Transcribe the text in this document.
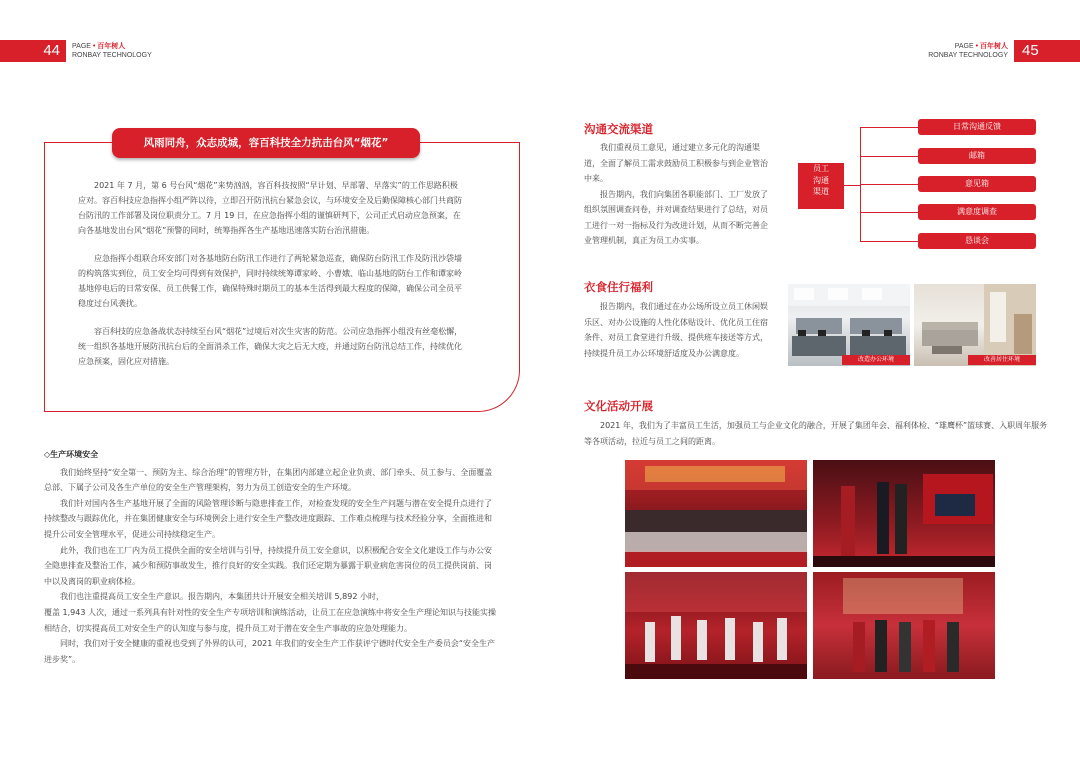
44	PAGE • 百年树人
RONBAY TECHNOLOGY
PAGE • 百年树人
RONBAY TECHNOLOGY 45
风雨同舟，众志成城，容百科技全力抗击台风“烟花”

2021 年 7 月，第 6 号台风“烟花”来势汹汹，容百科技按照“早计划、早部署、早落实”的工作思路积极应对。容百科技应急指挥小组严阵以待，立即召开防汛抗台紧急会议，与环境安全及后勤保障核心部门共商防台防汛的工作部署及岗位职责分工。7 月 19 日，在应急指挥小组的谨慎研判下，公司正式启动应急预案，在向各基地发出台风“烟花”预警的同时，统筹指挥各生产基地迅速落实防台治汛措施。

应急指挥小组联合环安部门对各基地防台防汛工作进行了两轮紧急巡查，确保防台防汛工作及防汛沙袋墙的构筑落实到位，员工安全均可得到有效保护，同时持续统筹谭家岭、小曹娥、临山基地的防台工作和谭家岭基地停电后的日常安保、员工供餐工作，确保特殊时期员工的基本生活得到最大程度的保障，确保公司全员平稳度过台风袭扰。

容百科技的应急备战状态持续至台风“烟花”过境后对次生灾害的防范。公司应急指挥小组没有丝毫松懈，统一组织各基地开展防汛抗台后的全面消杀工作，确保大灾之后无大疫，并通过防台防汛总结工作，持续优化应急预案，固化应对措施。

◇生产环境安全

我们始终坚持“安全第一、预防为主、综合治理”的管理方针，在集团内部建立起企业负责、部门牵头、员工参与、全面覆盖总部、下属子公司及各生产单位的安全生产管理架构，努力为员工创造安全的生产环境。

我们针对国内各生产基地开展了全面的风险管理诊断与隐患排查工作，对检查发现的安全生产问题与潜在安全提升点进行了持续整改与跟踪优化，并在集团健康安全与环境例会上进行安全生产整改进度跟踪、工作难点梳理与技术经验分享，全面推进和提升公司安全管理水平，促进公司持续稳定生产。

此外，我们也在工厂内为员工提供全面的安全培训与引导，持续提升员工安全意识，以积极配合安全文化建设工作与办公安全隐患排查及整治工作，减少和预防事故发生，推行良好的安全实践。我们还定期为暴露于职业病危害岗位的员工提供岗前、岗中以及离岗的职业病体检。

我们也注重提高员工安全生产意识。报告期内，本集团共计开展安全相关培训 5,892 小时，

覆盖 1,943 人次，通过一系列具有针对性的安全生产专项培训和演练活动，让员工在应急演练中将安全生产理论知识与技能实操相结合，切实提高员工对安全生产的认知度与参与度，提升员工对于潜在安全生产事故的应急处理能力。

同时，我们对于安全健康的重视也受到了外界的认可，2021 年我们的安全生产工作获评宁德时代安全生产委员会“安全生产进步奖”。

沟通交流渠道

我们重视员工意见，通过建立多元化的沟通渠道，全面了解员工需求鼓励员工积极参与到企业管治中来。

报告期内，我们向集团各职能部门、工厂发放了组织氛围调查问卷，并对调查结果进行了总结，对员工进行一对一指标及行为改进计划，从而不断完善企业管理机制，真正为员工办实事。

员工
沟通
渠道
日常沟通反馈
邮箱
意见箱
满意度调查
恳谈会
衣食住行福利

报告期内，我们通过在办公场所设立员工休闲娱乐区、对办公设施的人性化体贴设计、优化员工住宿条件、对员工食堂进行升级、提供班车接送等方式，持续提升员工办公环境舒适度及办公满意度。

改造办公环境	改善居住环境
文化活动开展

2021 年，我们为了丰富员工生活，加强员工与企业文化的融合，开展了集团年会、福利体检、“雄鹰杯”篮球赛、入职周年服务等各项活动，拉近与员工之间的距离。
